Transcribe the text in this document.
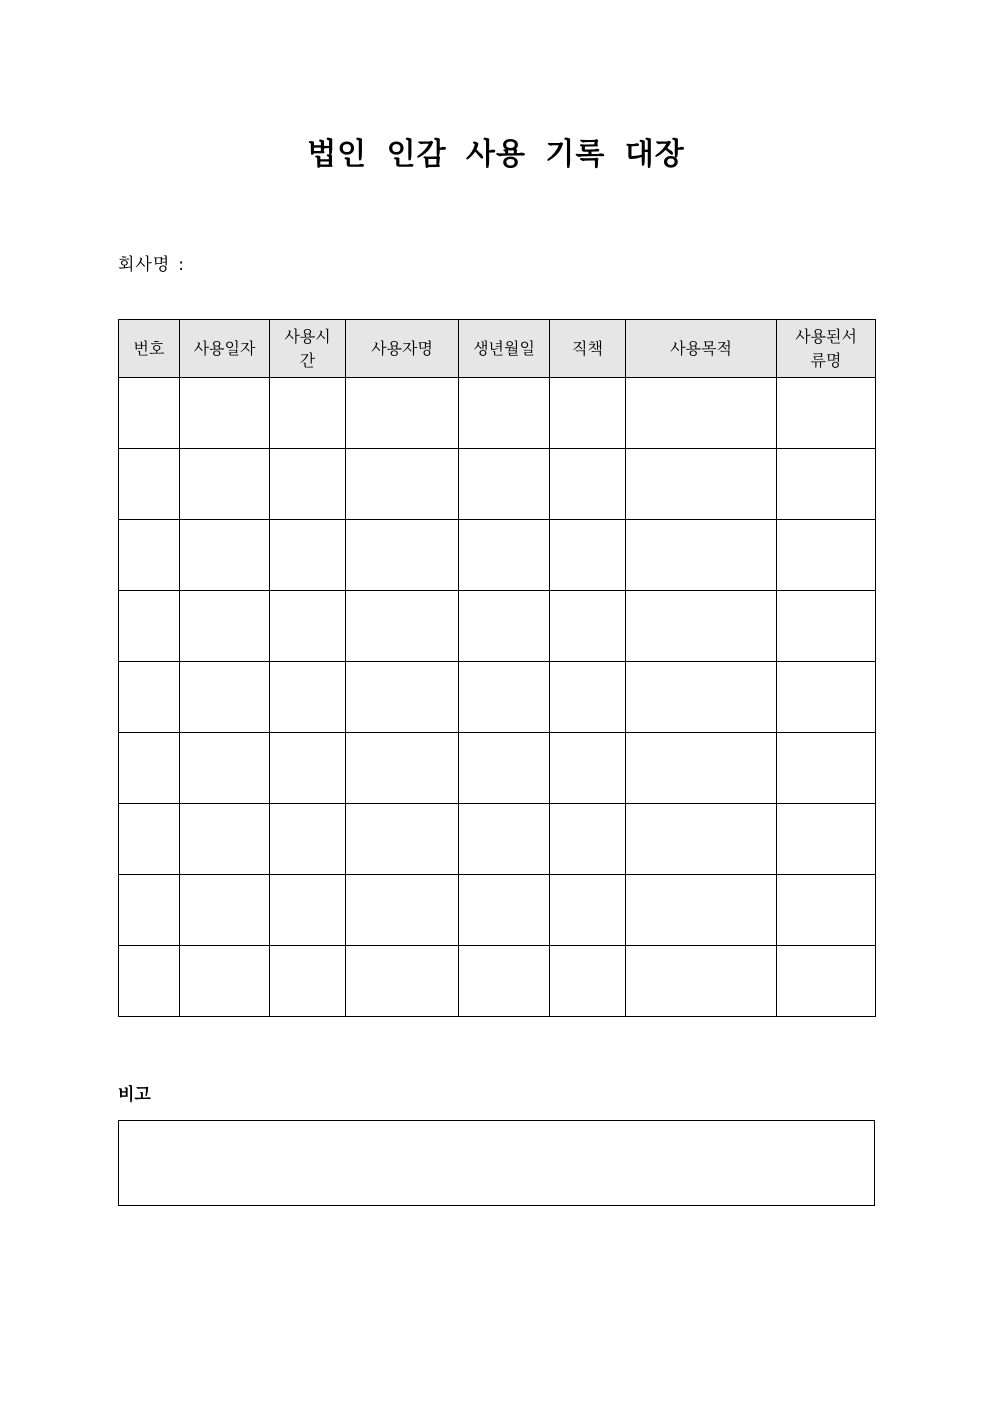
법인 인감 사용 기록 대장
회사명 :
번호	사용일자	사용시간	사용자명	생년월일	직책	사용목적	사용된서류명

비고
